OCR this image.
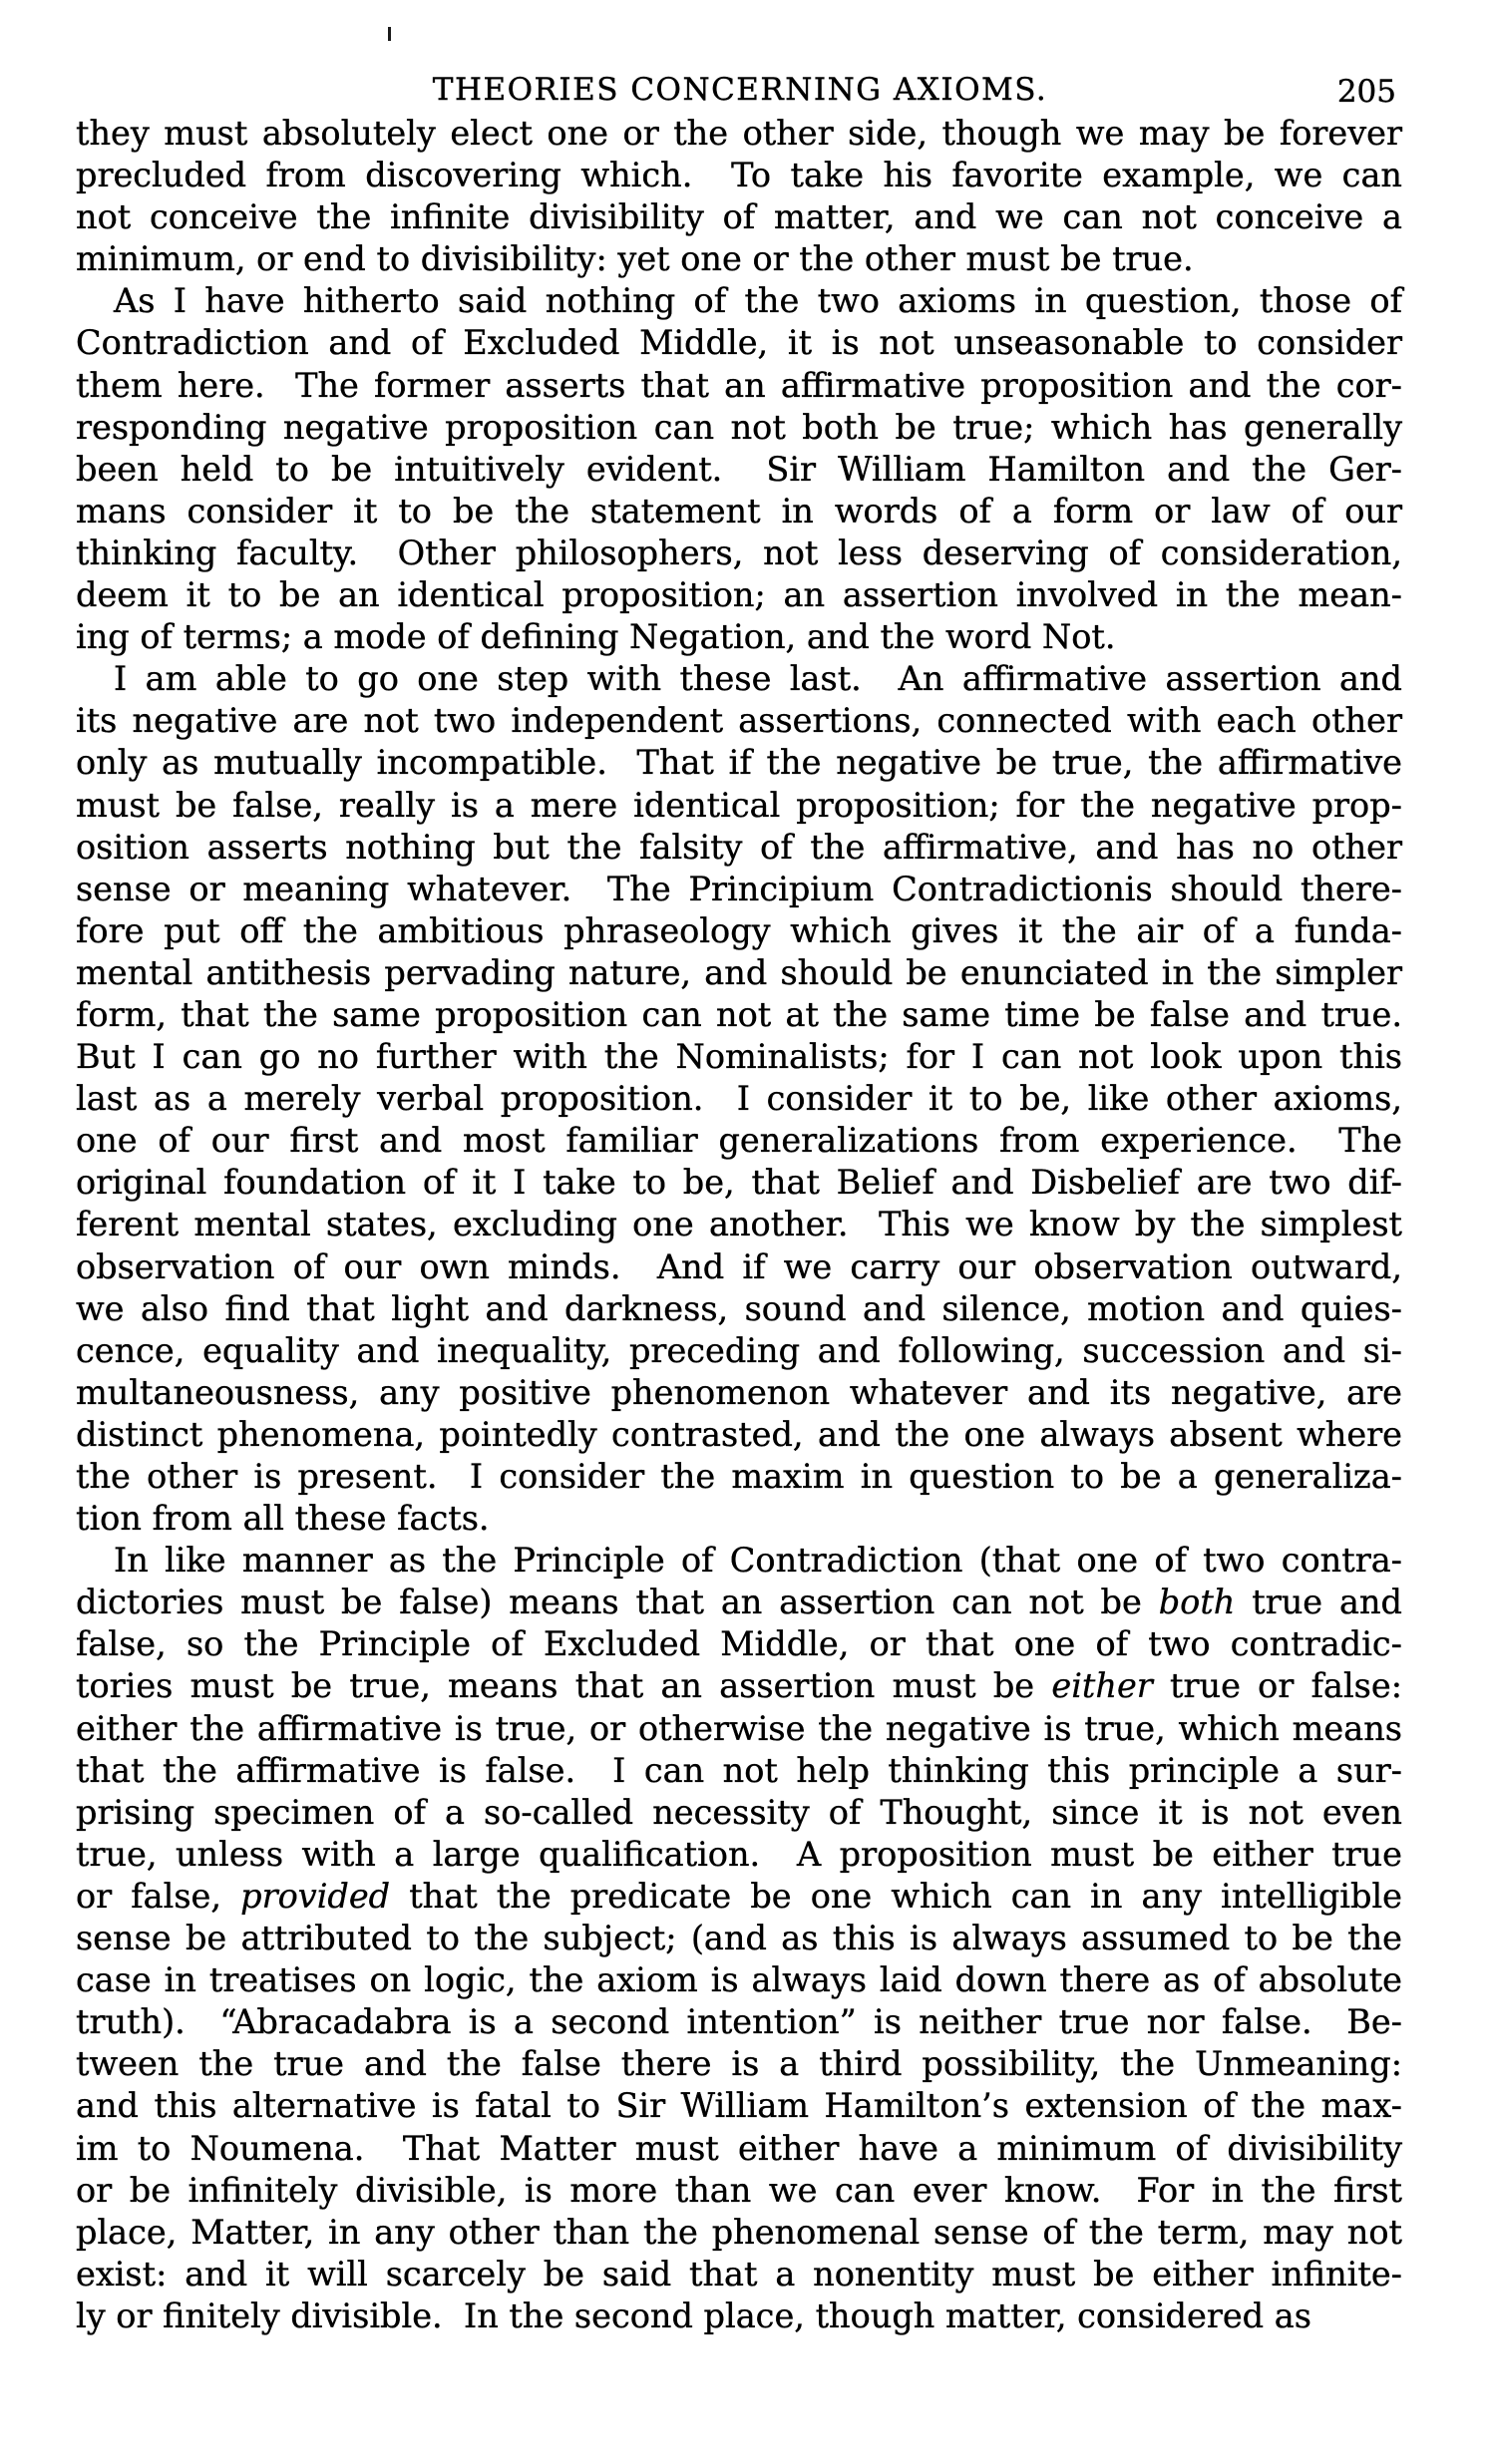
THEORIES CONCERNING AXIOMS.	205
they must absolutely elect one or the other side, though we may be forever
precluded from discovering which.  To take his favorite example, we can
not conceive the infinite divisibility of matter, and we can not conceive a
minimum, or end to divisibility: yet one or the other must be true.
As I have hitherto said nothing of the two axioms in question, those of
Contradiction and of Excluded Middle, it is not unseasonable to consider
them here.  The former asserts that an affirmative proposition and the cor-
responding negative proposition can not both be true; which has generally
been held to be intuitively evident.  Sir William Hamilton and the Ger-
mans consider it to be the statement in words of a form or law of our
thinking faculty.  Other philosophers, not less deserving of consideration,
deem it to be an identical proposition; an assertion involved in the mean-
ing of terms; a mode of defining Negation, and the word Not.
I am able to go one step with these last.  An affirmative assertion and
its negative are not two independent assertions, connected with each other
only as mutually incompatible.  That if the negative be true, the affirmative
must be false, really is a mere identical proposition; for the negative prop-
osition asserts nothing but the falsity of the affirmative, and has no other
sense or meaning whatever.  The Principium Contradictionis should there-
fore put off the ambitious phraseology which gives it the air of a funda-
mental antithesis pervading nature, and should be enunciated in the simpler
form, that the same proposition can not at the same time be false and true.
But I can go no further with the Nominalists; for I can not look upon this
last as a merely verbal proposition.  I consider it to be, like other axioms,
one of our first and most familiar generalizations from experience.  The
original foundation of it I take to be, that Belief and Disbelief are two dif-
ferent mental states, excluding one another.  This we know by the simplest
observation of our own minds.  And if we carry our observation outward,
we also find that light and darkness, sound and silence, motion and quies-
cence, equality and inequality, preceding and following, succession and si-
multaneousness, any positive phenomenon whatever and its negative, are
distinct phenomena, pointedly contrasted, and the one always absent where
the other is present.  I consider the maxim in question to be a generaliza-
tion from all these facts.
In like manner as the Principle of Contradiction (that one of two contra-
dictories must be false) means that an assertion can not be both true and
false, so the Principle of Excluded Middle, or that one of two contradic-
tories must be true, means that an assertion must be either true or false:
either the affirmative is true, or otherwise the negative is true, which means
that the affirmative is false.  I can not help thinking this principle a sur-
prising specimen of a so-called necessity of Thought, since it is not even
true, unless with a large qualification.  A proposition must be either true
or false, provided that the predicate be one which can in any intelligible
sense be attributed to the subject; (and as this is always assumed to be the
case in treatises on logic, the axiom is always laid down there as of absolute
truth).  “Abracadabra is a second intention” is neither true nor false.  Be-
tween the true and the false there is a third possibility, the Unmeaning:
and this alternative is fatal to Sir William Hamilton’s extension of the max-
im to Noumena.  That Matter must either have a minimum of divisibility
or be infinitely divisible, is more than we can ever know.  For in the first
place, Matter, in any other than the phenomenal sense of the term, may not
exist: and it will scarcely be said that a nonentity must be either infinite-
ly or finitely divisible.  In the second place, though matter, considered as
